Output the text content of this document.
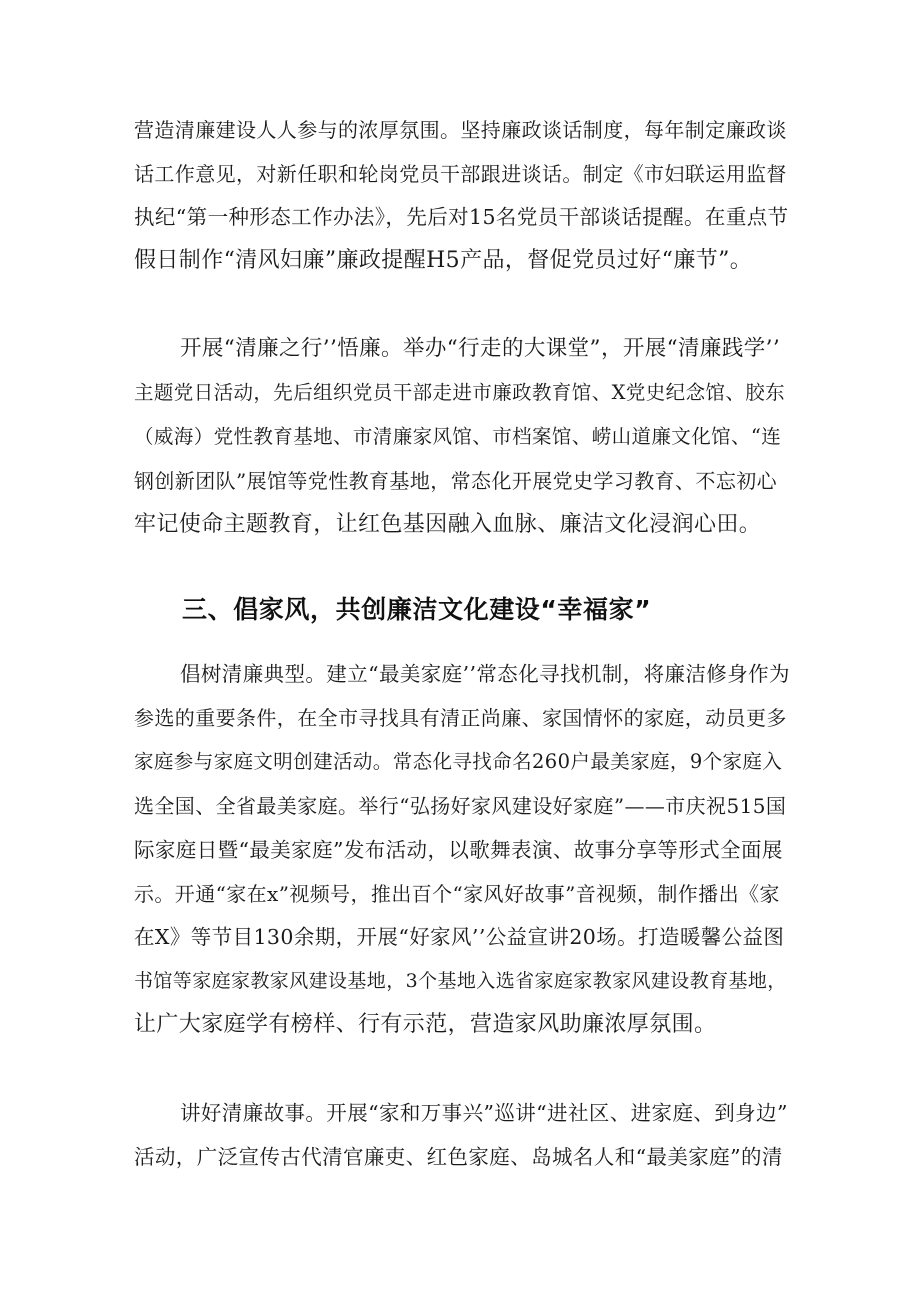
营造清廉建设人人参与的浓厚氛围。坚持廉政谈话制度，每年制定廉政谈

话工作意见，对新任职和轮岗党员干部跟进谈话。制定《市妇联运用监督

执纪“第一种形态工作办法》，先后对15名党员干部谈话提醒。在重点节

假日制作“清风妇廉”廉政提醒H5产品，督促党员过好“廉节”。

开展“清廉之行’’悟廉。举办“行走的大课堂”，开展“清廉践学’’

主题党日活动，先后组织党员干部走进市廉政教育馆、X党史纪念馆、胶东

（威海）党性教育基地、市清廉家风馆、市档案馆、崂山道廉文化馆、“连

钢创新团队”展馆等党性教育基地，常态化开展党史学习教育、不忘初心

牢记使命主题教育，让红色基因融入血脉、廉洁文化浸润心田。

三、倡家风，共创廉洁文化建设“幸福家”

倡树清廉典型。建立“最美家庭’’常态化寻找机制，将廉洁修身作为

参选的重要条件，在全市寻找具有清正尚廉、家国情怀的家庭，动员更多

家庭参与家庭文明创建活动。常态化寻找命名260户最美家庭，9个家庭入

选全国、全省最美家庭。举行“弘扬好家风建设好家庭”——市庆祝515国

际家庭日暨“最美家庭”发布活动，以歌舞表演、故事分享等形式全面展

示。开通“家在x”视频号，推出百个“家风好故事”音视频，制作播出《家

在X》等节目130余期，开展“好家风’’公益宣讲20场。打造暖馨公益图

书馆等家庭家教家风建设基地，3个基地入选省家庭家教家风建设教育基地，

让广大家庭学有榜样、行有示范，营造家风助廉浓厚氛围。

讲好清廉故事。开展“家和万事兴”巡讲“进社区、进家庭、到身边”

活动，广泛宣传古代清官廉吏、红色家庭、岛城名人和“最美家庭”的清
